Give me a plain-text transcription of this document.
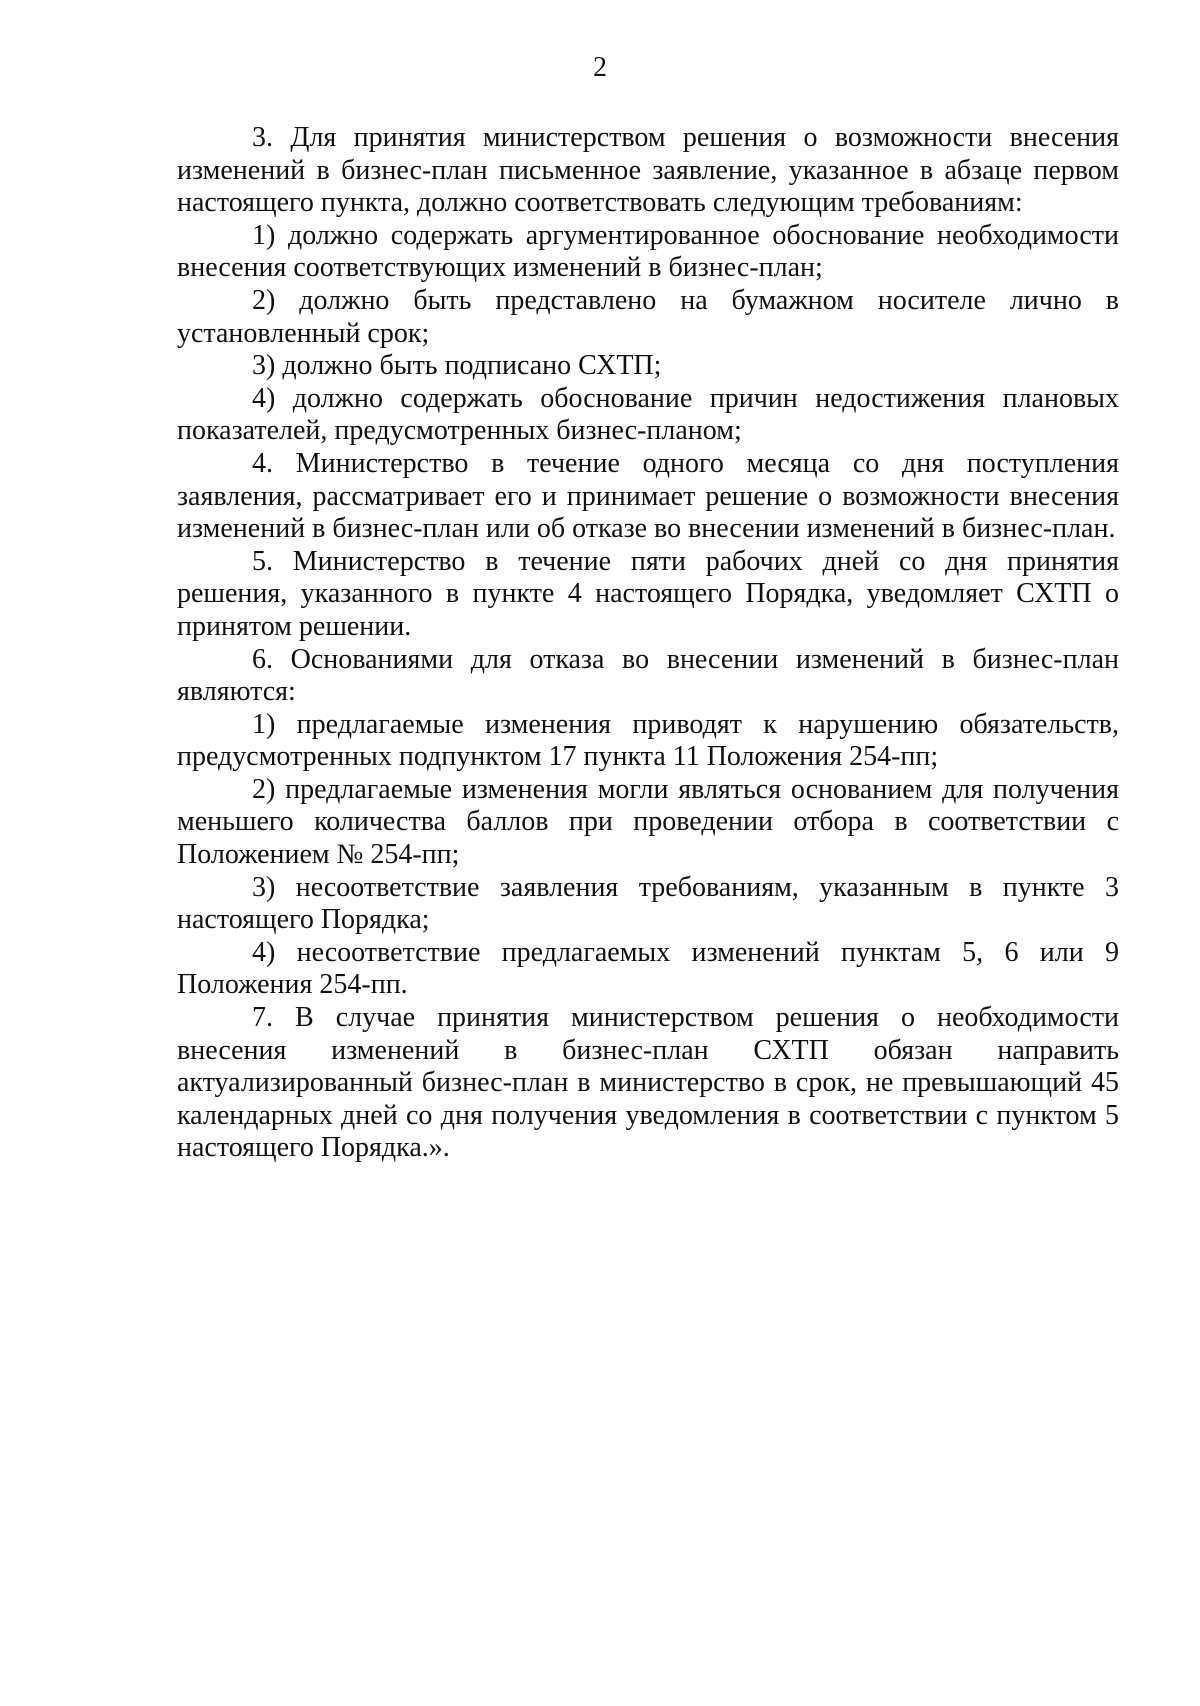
2

3. Для принятия министерством решения о возможности внесения изменений в бизнес-план письменное заявление, указанное в абзаце первом настоящего пункта, должно соответствовать следующим требованиям:

1) должно содержать аргументированное обоснование необходимости внесения соответствующих изменений в бизнес-план;

2) должно быть представлено на бумажном носителе лично в установленный срок;

3) должно быть подписано СХТП;

4) должно содержать обоснование причин недостижения плановых показателей, предусмотренных бизнес-планом;

4. Министерство в течение одного месяца со дня поступления заявления, рассматривает его и принимает решение о возможности внесения изменений в бизнес-план или об отказе во внесении изменений в бизнес-план.

5. Министерство в течение пяти рабочих дней со дня принятия решения, указанного в пункте 4 настоящего Порядка, уведомляет СХТП о принятом решении.

6. Основаниями для отказа во внесении изменений в бизнес-план являются:

1) предлагаемые изменения приводят к нарушению обязательств, предусмотренных подпунктом 17 пункта 11 Положения 254-пп;

2) предлагаемые изменения могли являться основанием для получения меньшего количества баллов при проведении отбора в соответствии с Положением № 254-пп;

3) несоответствие заявления требованиям, указанным в пункте 3 настоящего Порядка;

4) несоответствие предлагаемых изменений пунктам 5, 6 или 9 Положения 254-пп.

7. В случае принятия министерством решения о необходимости внесения изменений в бизнес-план СХТП обязан направить актуализированный бизнес-план в министерство в срок, не превышающий 45 календарных дней со дня получения уведомления в соответствии с пунктом 5 настоящего Порядка.».
